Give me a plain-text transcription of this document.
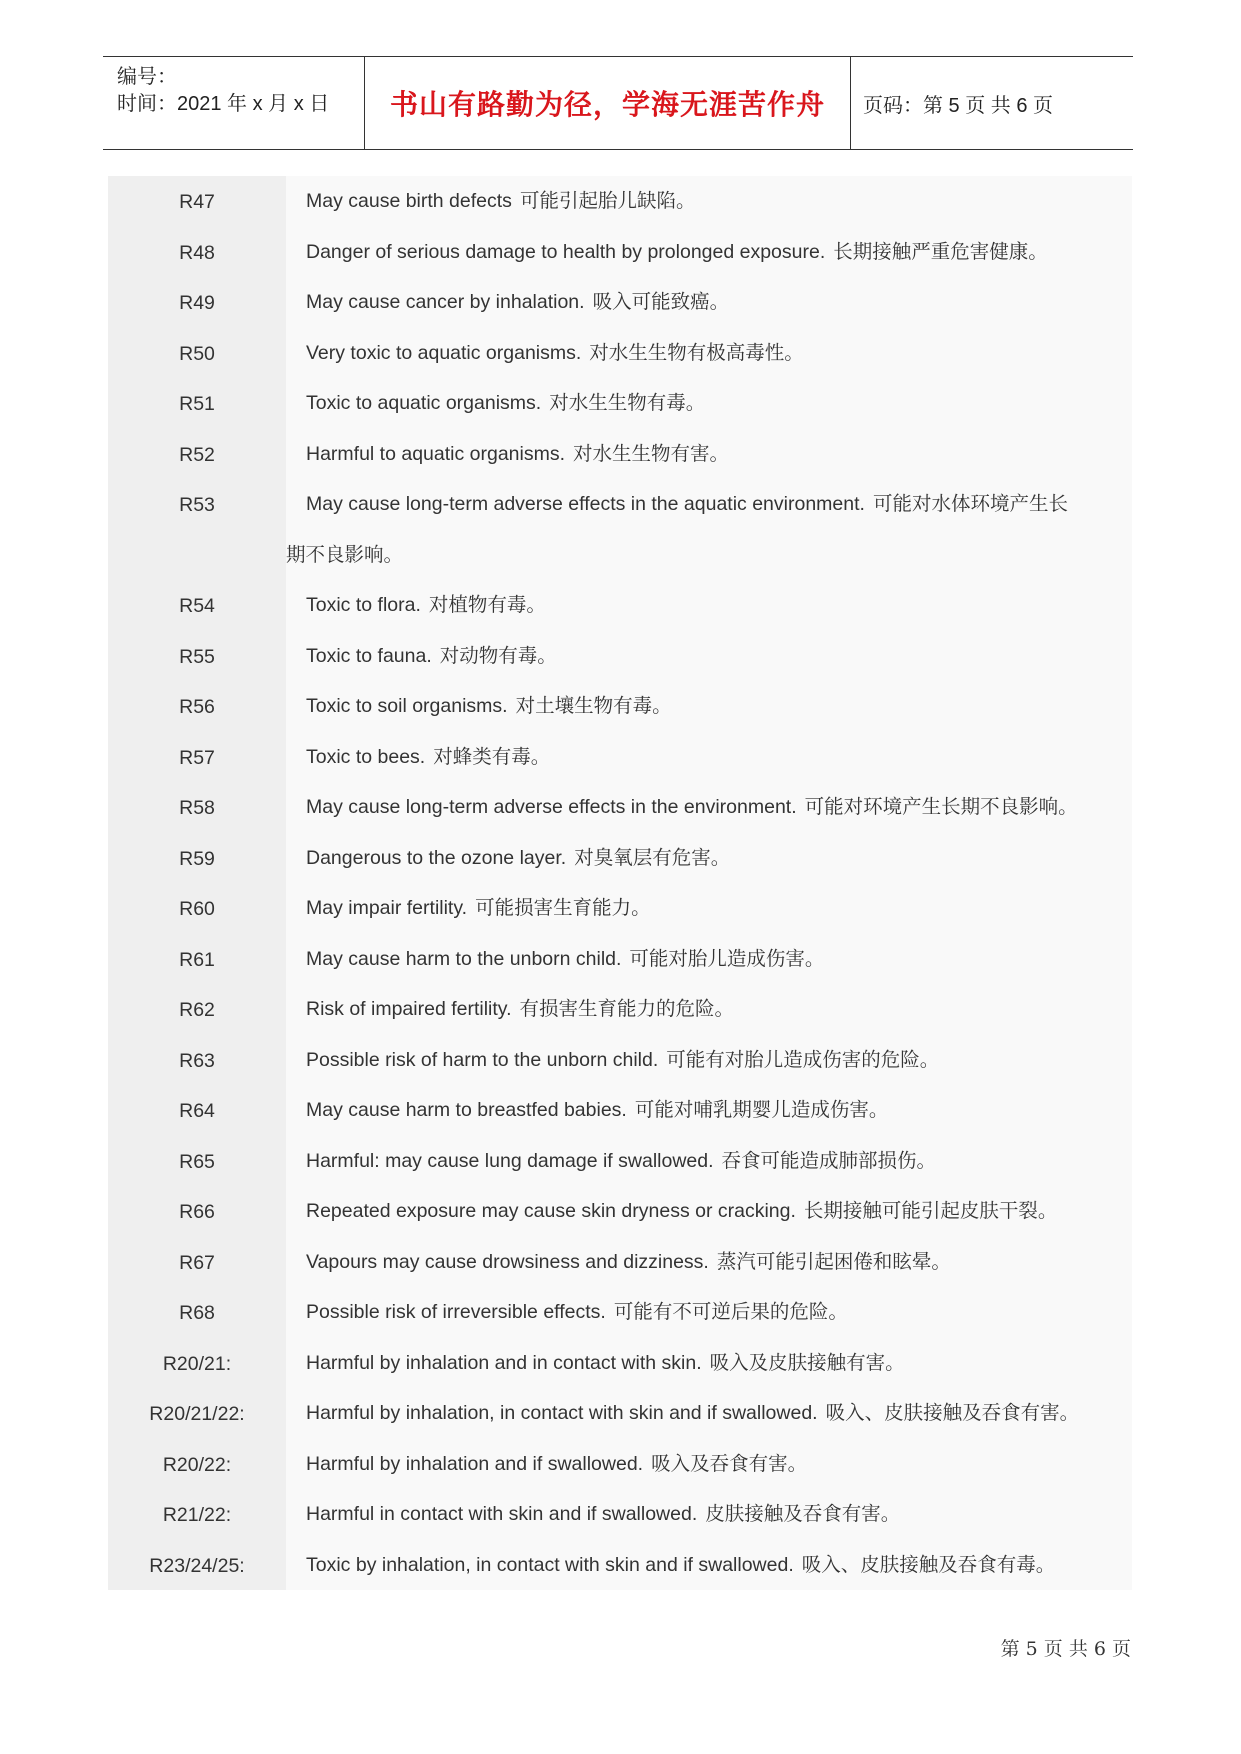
编号：
时间：2021 年 x 月 x 日 书山有路勤为径，学海无涯苦作舟 页码：第 5 页 共 6 页
R47	May cause birth defects 可能引起胎儿缺陷。
R48	Danger of serious damage to health by prolonged exposure. 长期接触严重危害健康。
R49	May cause cancer by inhalation. 吸入可能致癌。
R50	Very toxic to aquatic organisms. 对水生生物有极高毒性。
R51	Toxic to aquatic organisms. 对水生生物有毒。
R52	Harmful to aquatic organisms. 对水生生物有害。
R53	May cause long-term adverse effects in the aquatic environment. 可能对水体环境产生长
期不良影响。
R54	Toxic to flora. 对植物有毒。
R55	Toxic to fauna. 对动物有毒。
R56	Toxic to soil organisms. 对土壤生物有毒。
R57	Toxic to bees. 对蜂类有毒。
R58	May cause long-term adverse effects in the environment. 可能对环境产生长期不良影响。
R59	Dangerous to the ozone layer. 对臭氧层有危害。
R60	May impair fertility. 可能损害生育能力。
R61	May cause harm to the unborn child. 可能对胎儿造成伤害。
R62	Risk of impaired fertility. 有损害生育能力的危险。
R63	Possible risk of harm to the unborn child. 可能有对胎儿造成伤害的危险。
R64	May cause harm to breastfed babies. 可能对哺乳期婴儿造成伤害。
R65	Harmful: may cause lung damage if swallowed. 吞食可能造成肺部损伤。
R66	Repeated exposure may cause skin dryness or cracking. 长期接触可能引起皮肤干裂。
R67	Vapours may cause drowsiness and dizziness. 蒸汽可能引起困倦和眩晕。
R68	Possible risk of irreversible effects. 可能有不可逆后果的危险。
R20/21:	Harmful by inhalation and in contact with skin. 吸入及皮肤接触有害。
R20/21/22:	Harmful by inhalation, in contact with skin and if swallowed. 吸入、皮肤接触及吞食有害。
R20/22:	Harmful by inhalation and if swallowed. 吸入及吞食有害。
R21/22:	Harmful in contact with skin and if swallowed. 皮肤接触及吞食有害。
R23/24/25:	Toxic by inhalation, in contact with skin and if swallowed. 吸入、皮肤接触及吞食有毒。
第 5 页 共 6 页
